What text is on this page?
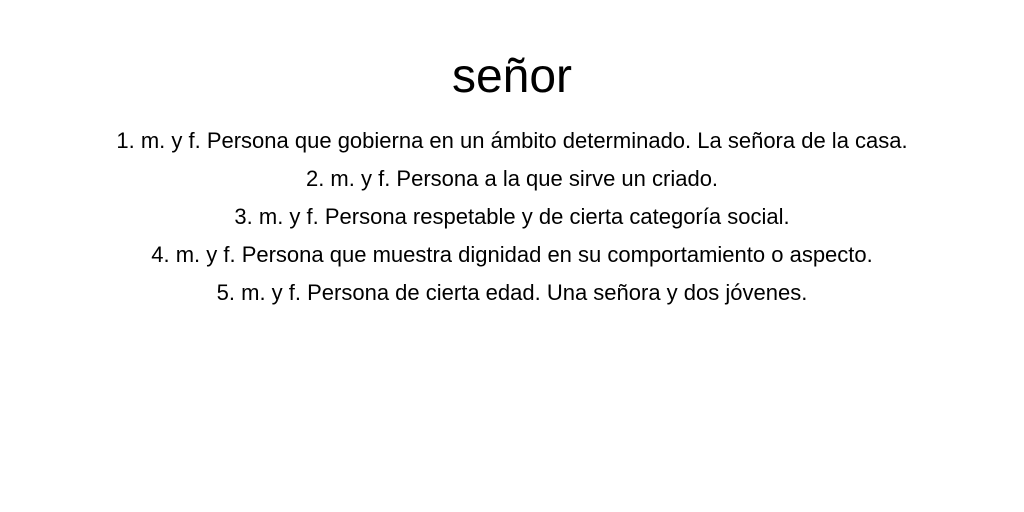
señor
1. m. y f. Persona que gobierna en un ámbito determinado. La señora de la casa.
2. m. y f. Persona a la que sirve un criado.
3. m. y f. Persona respetable y de cierta categoría social.
4. m. y f. Persona que muestra dignidad en su comportamiento o aspecto.
5. m. y f. Persona de cierta edad. Una señora y dos jóvenes.
